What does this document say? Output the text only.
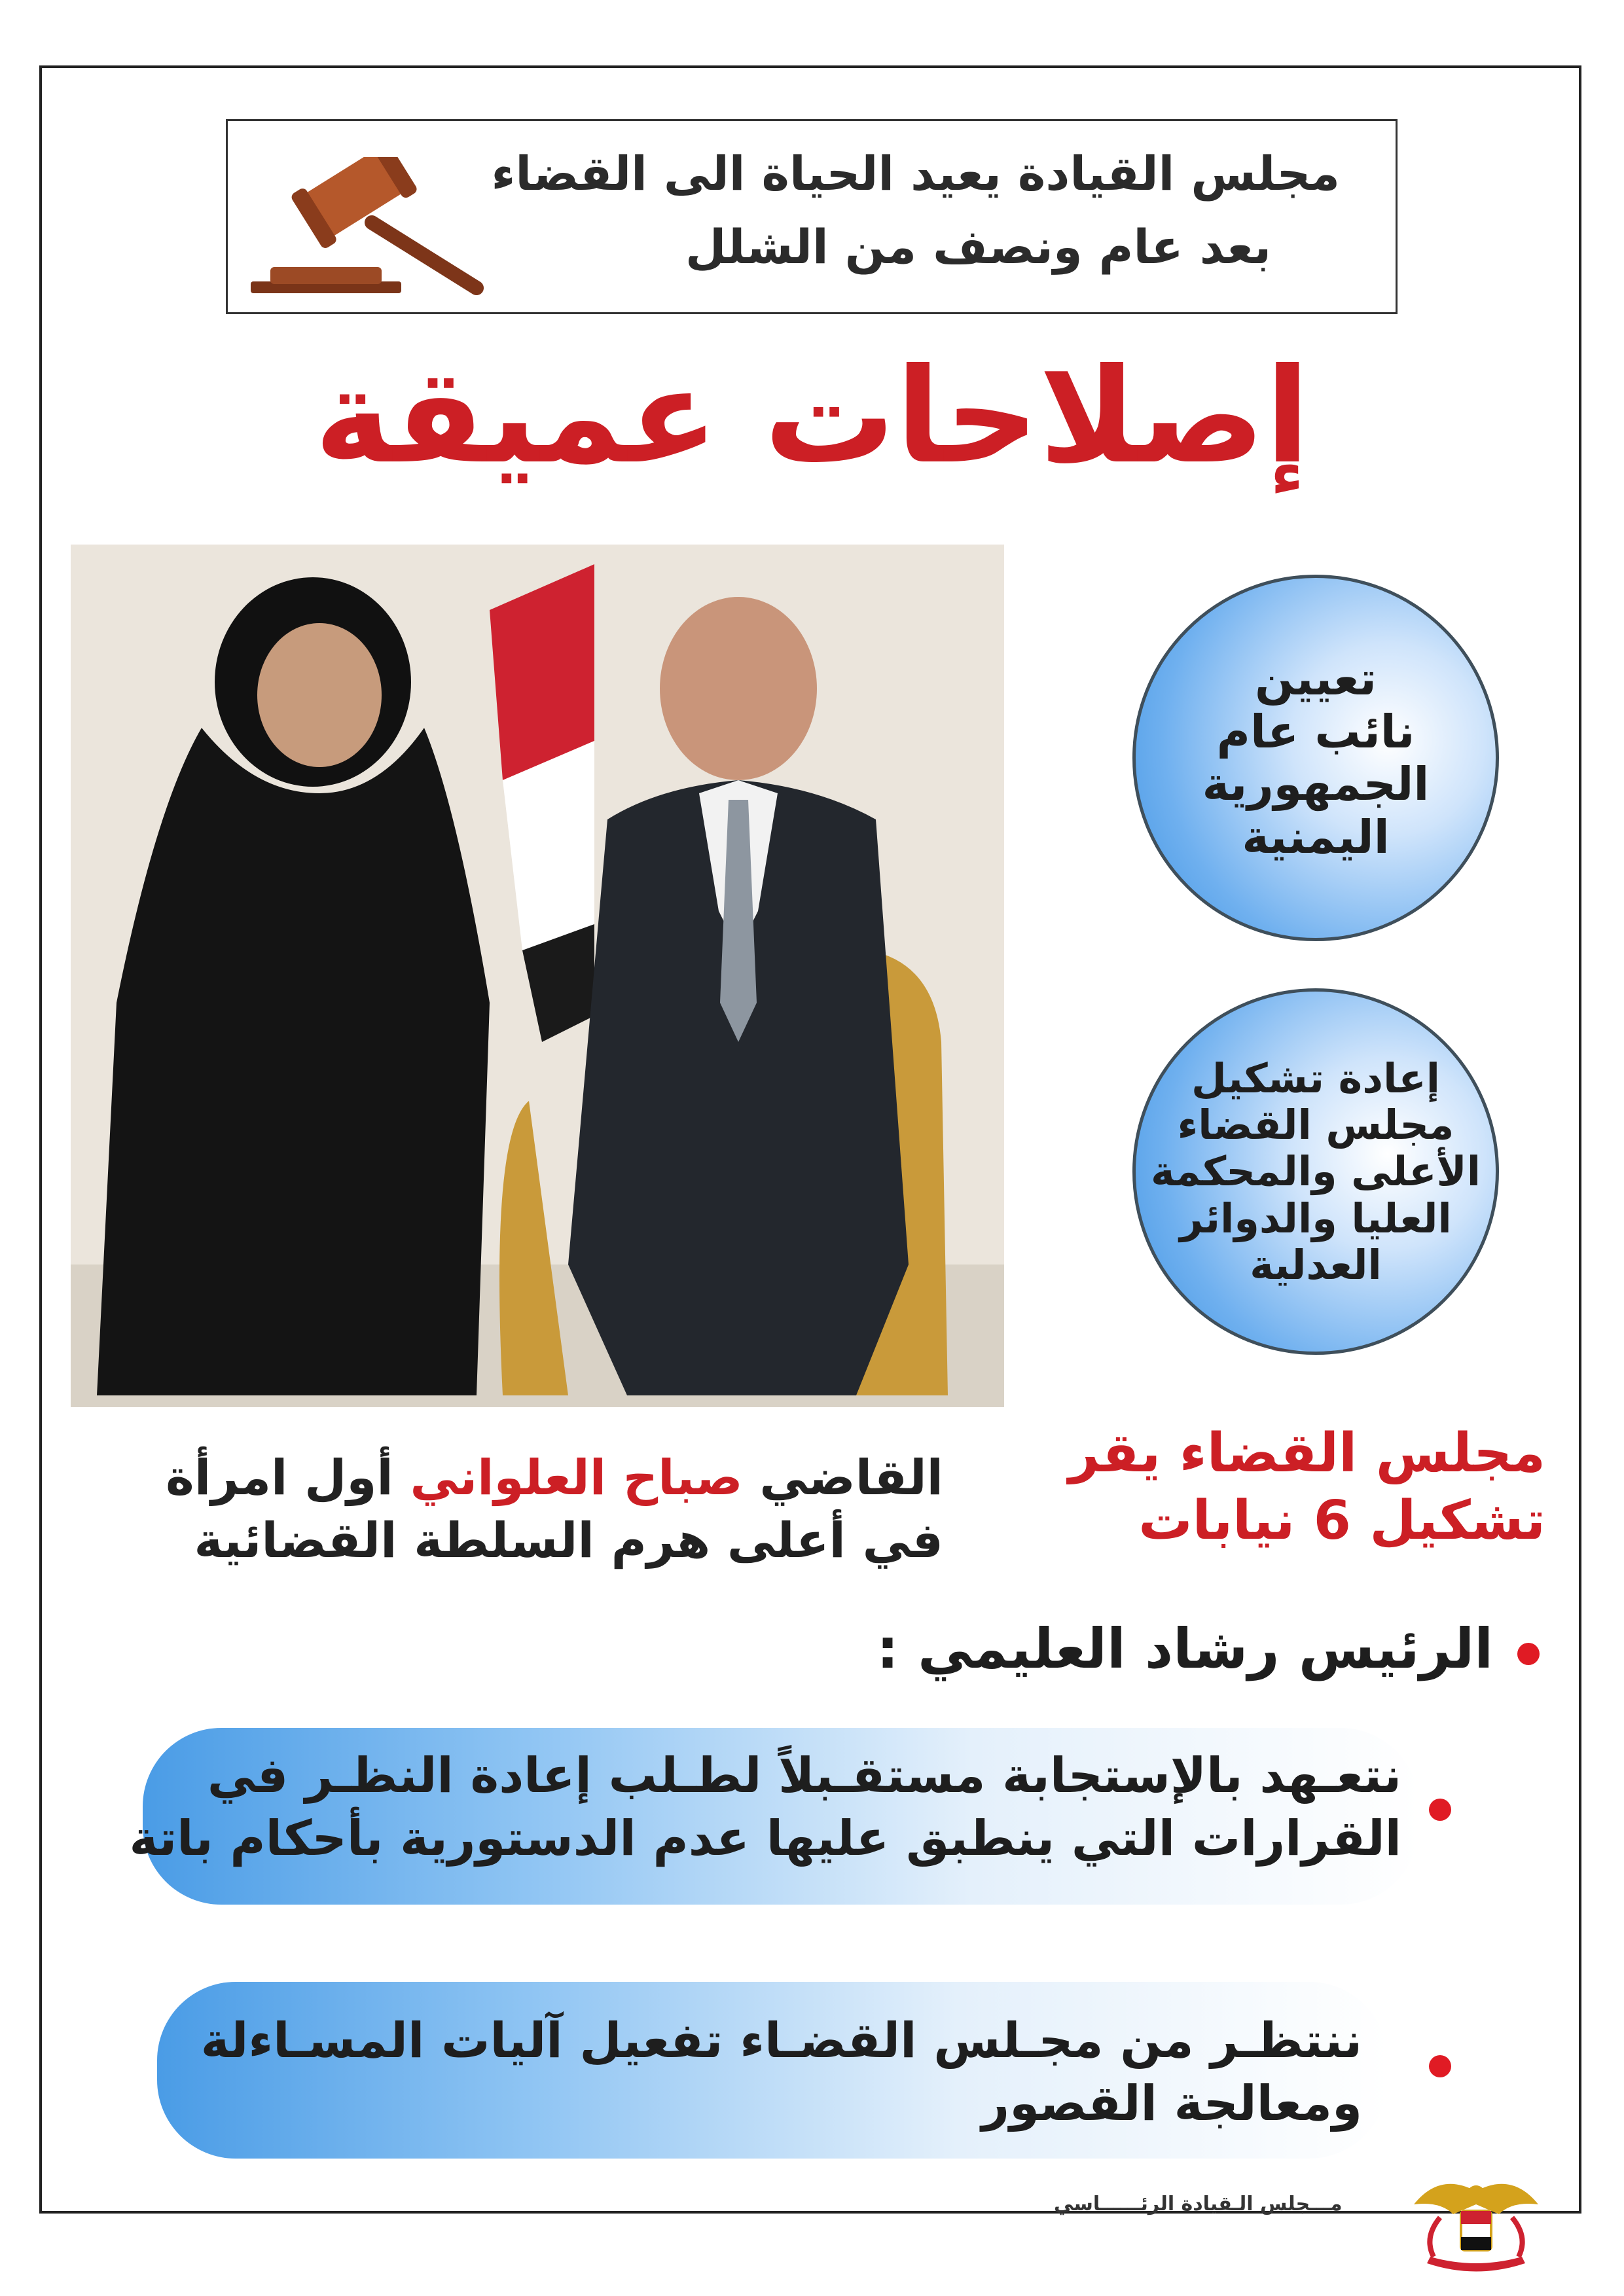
مجلس القيادة يعيد الحياة الى القضاء
بعد عام ونصف من الشلل
إصلاحات عميقة
تعيين
نائب عام
الجمهورية
اليمنية
إعادة تشكيل
مجلس القضاء
الأعلى والمحكمة
العليا والدوائر
العدلية
مجلس القضاء يقر
تشكيل 6 نيابات
القاضي صباح العلواني أول امرأة
في أعلى هرم السلطة القضائية
الرئيس رشاد العليمي :
نتعـهد بالإستجابة مستقـبلاً لطـلب إعادة النظـر في
القرارات التي ينطبق عليها عدم الدستورية بأحكام باتة
ننتظـر من مجـلس القضـاء تفعيل آليات المسـاءلة
ومعالجة القصور
مـــجلس الـقيادة الرئــــــاسي
